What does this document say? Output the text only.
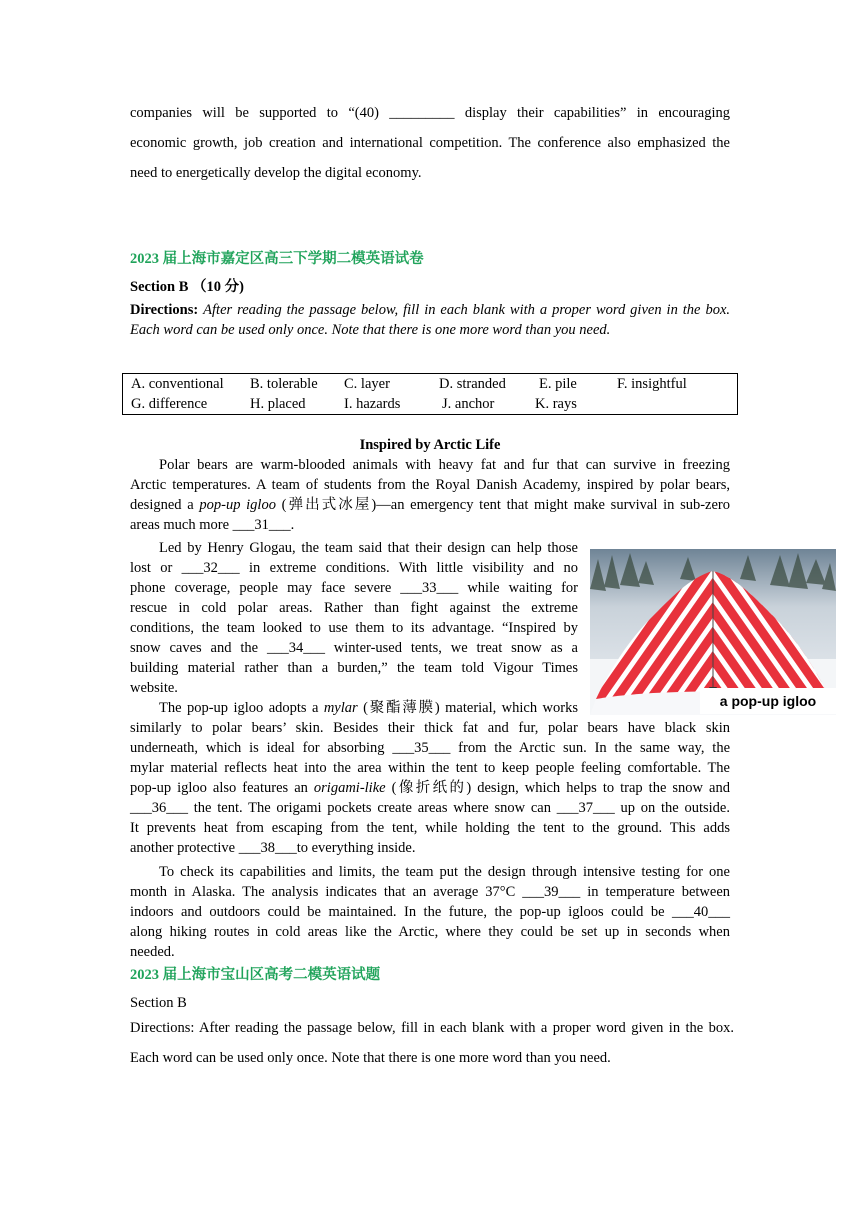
companies will be supported to “(40) _________ display their capabilities” in encouraging
economic growth, job creation and international competition. The conference also emphasized the
need to energetically develop the digital economy.
2023 届上海市嘉定区高三下学期二模英语试卷
Section B （10 分)
Directions: After reading the passage below, fill in each blank with a proper word given in the box. Each word can be used only once. Note that there is one more word than you need.
A. conventional	B. tolerable	C. layer	D. stranded	E. pile	F. insightful
G. difference	H. placed	I. hazards	J. anchor	K. rays	
Inspired by Arctic Life
Polar bears are warm-blooded animals with heavy fat and fur that can survive in freezing
Arctic temperatures. A team of students from the Royal Danish Academy, inspired by polar bears,
designed a pop-up igloo (弹出式冰屋)—an emergency tent that might make survival in sub-zero
areas much more ___31___.
Led by Henry Glogau, the team said that their design can help those
lost or ___32___ in extreme conditions. With little visibility and no
phone coverage, people may face severe ___33___ while waiting for
rescue in cold polar areas. Rather than fight against the extreme
conditions, the team looked to use them to its advantage. “Inspired by
snow caves and the ___34___ winter-used tents, we treat snow as a
building material rather than a burden,” the team told Vigour Times
website.
a pop-up igloo
The pop-up igloo adopts a mylar (聚酯薄膜) material, which works
similarly to polar bears’ skin. Besides their thick fat and fur, polar bears have black skin
underneath, which is ideal for absorbing ___35___ from the Arctic sun. In the same way, the
mylar material reflects heat into the area within the tent to keep people feeling comfortable. The
pop-up igloo also features an origami-like (像折纸的) design, which helps to trap the snow and
___36___ the tent. The origami pockets create areas where snow can ___37___ up on the outside.
It prevents heat from escaping from the tent, while holding the tent to the ground. This adds
another protective ___38___to everything inside.
To check its capabilities and limits, the team put the design through intensive testing for one
month in Alaska. The analysis indicates that an average 37°C ___39___ in temperature between
indoors and outdoors could be maintained. In the future, the pop-up igloos could be ___40___
along hiking routes in cold areas like the Arctic, where they could be set up in seconds when
needed.
2023 届上海市宝山区高考二模英语试题
Section B
Directions: After reading the passage below, fill in each blank with a proper word given in the box.
Each word can be used only once. Note that there is one more word than you need.
